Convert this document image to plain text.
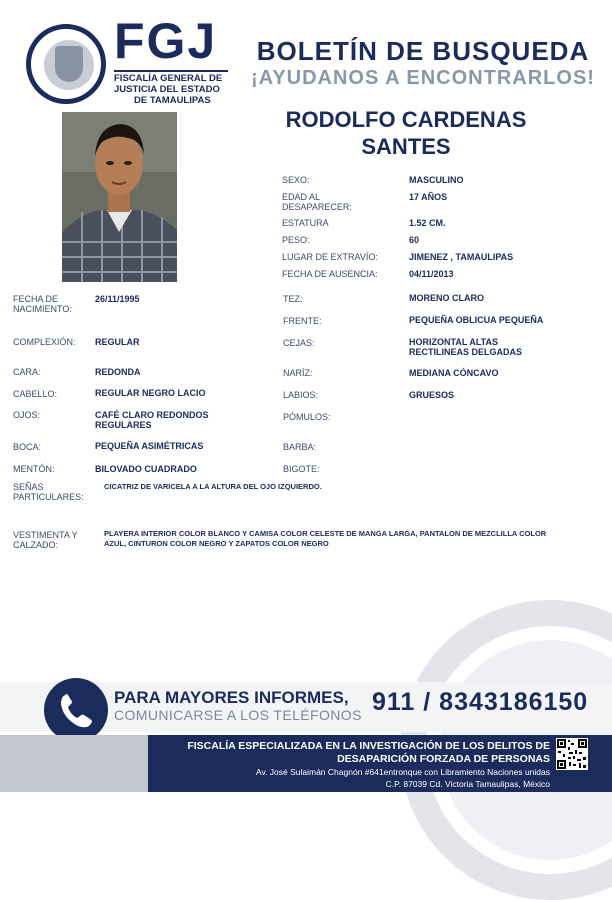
FGJ
FISCALÍA GENERAL DE
JUSTICIA DEL ESTADO
DE TAMAULIPAS
BOLETÍN DE BUSQUEDA
¡AYUDANOS A ENCONTRARLOS!
RODOLFO CARDENAS
SANTES
SEXO:	MASCULINO
EDAD AL DESAPARECER:
17 AÑOS
ESTATURA	1.52 CM.
PESO:	60
LUGAR DE EXTRAVÍO:	JIMENEZ , TAMAULIPAS
FECHA DE AUSENCIA:	04/11/2013
FECHA DE NACIMIENTO:
26/11/1995
COMPLEXIÓN: REGULAR
CARA:	REDONDA
CABELLO:	REGULAR NEGRO LACIO
OJOS:	CAFÉ CLARO REDONDOS REGULARES
BOCA:	PEQUEÑA ASIMÉTRICAS
MENTÓN:	BILOVADO CUADRADO
TEZ:	MORENO CLARO
FRENTE:	PEQUEÑA OBLICUA PEQUEÑA
CEJAS:	HORIZONTAL ALTAS RECTILINEAS DELGADAS
NARÍZ:	MEDIANA CÓNCAVO
LABIOS:	GRUESOS
PÓMULOS:
BARBA:
BIGOTE:
SEÑAS PARTICULARES:
CICATRIZ DE VARICELA A LA ALTURA DEL OJO IZQUIERDO.
VESTIMENTA Y CALZADO:
PLAYERA INTERIOR COLOR BLANCO Y CAMISA COLOR CELESTE DE MANGA LARGA, PANTALON DE MEZCLILLA COLOR AZUL, CINTURON COLOR NEGRO Y ZAPATOS COLOR NEGRO
PARA MAYORES INFORMES,
COMUNICARSE A LOS TELÉFONOS 911 / 8343186150
FISCALÍA ESPECIALIZADA EN LA INVESTIGACIÓN DE LOS DELITOS DE
DESAPARICIÓN FORZADA DE PERSONAS
Av. José Sulaimán Chagnón #641entronque con Libramiento Naciones unidas
C.P. 87039 Cd. Victoria Tamaulipas, México
